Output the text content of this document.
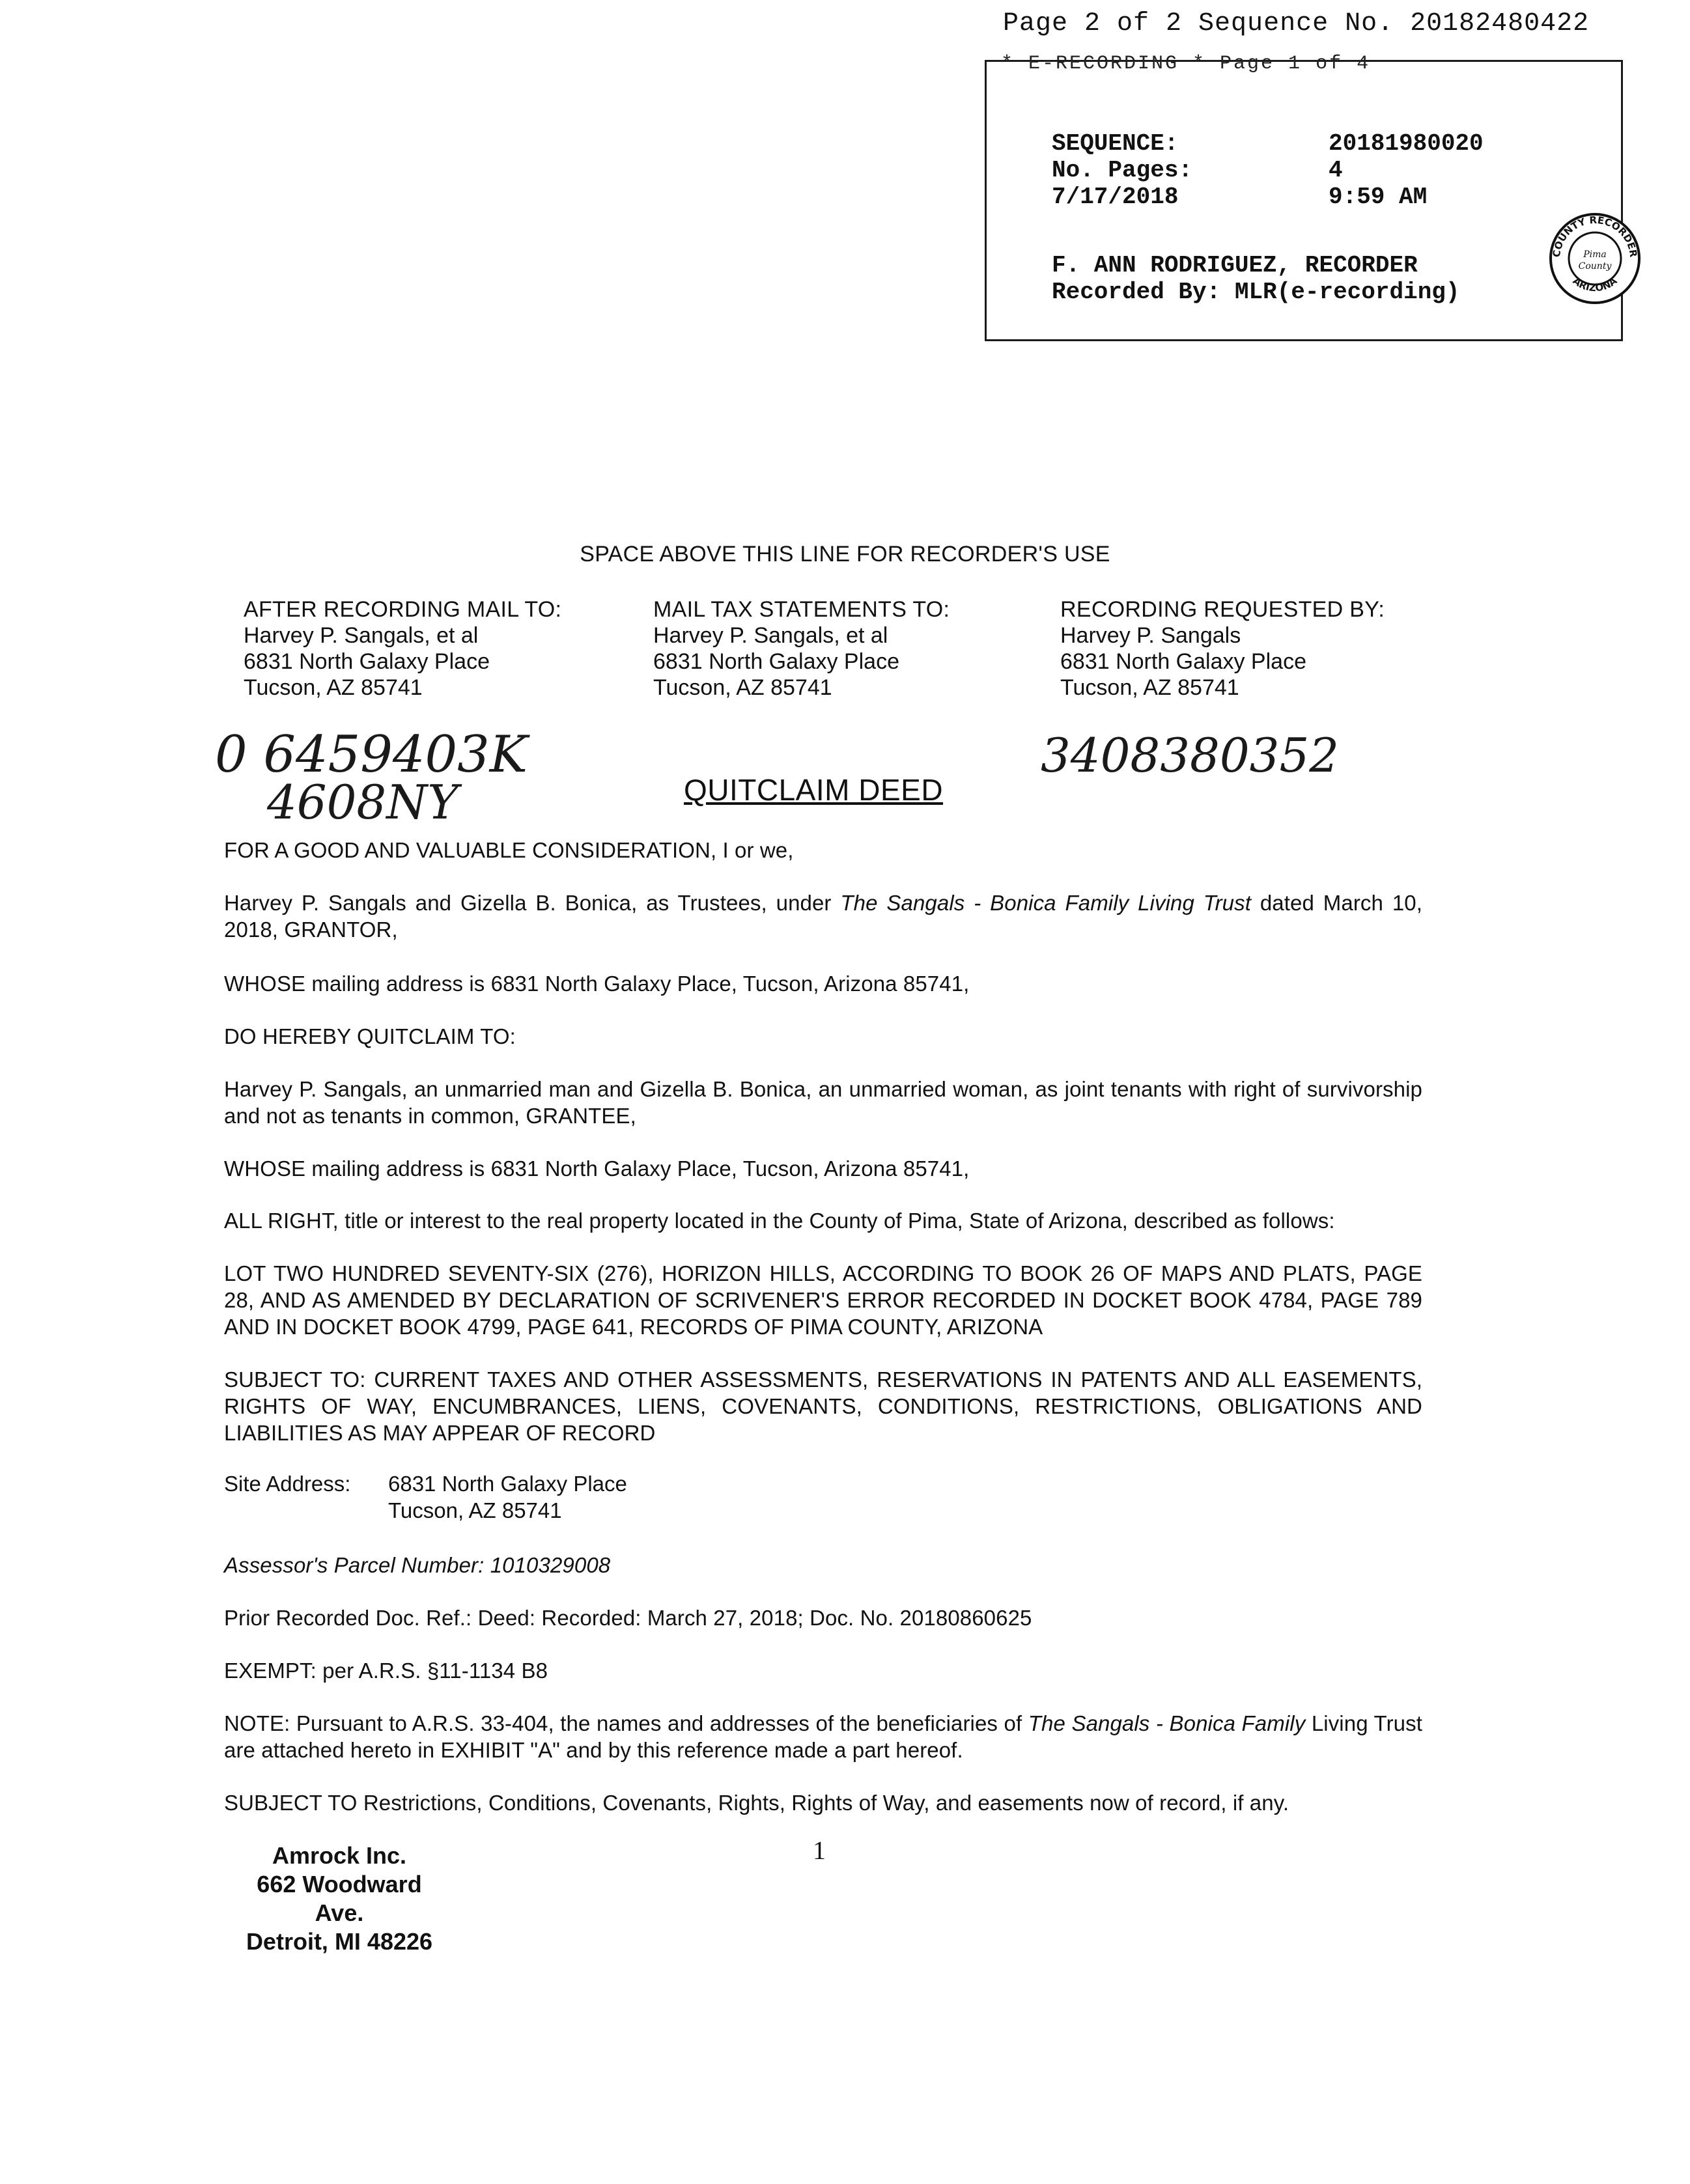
Page 2 of 2 Sequence No. 20182480422
* E-RECORDING * Page 1 of 4
SEQUENCE:	20181980020
No. Pages:	4
7/17/2018	9:59 AM
F. ANN RODRIGUEZ, RECORDER
Recorded By: MLR(e-recording)
COUNTY RECORDER
ARIZONA
Pima
County
SPACE ABOVE THIS LINE FOR RECORDER'S USE
AFTER RECORDING MAIL TO:
Harvey P. Sangals, et al
6831 North Galaxy Place
Tucson, AZ 85741
MAIL TAX STATEMENTS TO:
Harvey P. Sangals, et al
6831 North Galaxy Place
Tucson, AZ 85741
RECORDING REQUESTED BY:
Harvey P. Sangals
6831 North Galaxy Place
Tucson, AZ 85741
0 6459403K
4608NY
3408380352
QUITCLAIM DEED
FOR A GOOD AND VALUABLE CONSIDERATION, I or we,
Harvey P. Sangals and Gizella B. Bonica, as Trustees, under The Sangals - Bonica Family Living Trust dated March 10, 2018, GRANTOR,
WHOSE mailing address is 6831 North Galaxy Place, Tucson, Arizona 85741,
DO HEREBY QUITCLAIM TO:
Harvey P. Sangals, an unmarried man and Gizella B. Bonica, an unmarried woman, as joint tenants with right of survivorship and not as tenants in common, GRANTEE,
WHOSE mailing address is 6831 North Galaxy Place, Tucson, Arizona 85741,
ALL RIGHT, title or interest to the real property located in the County of Pima, State of Arizona, described as follows:
LOT TWO HUNDRED SEVENTY-SIX (276), HORIZON HILLS, ACCORDING TO BOOK 26 OF MAPS AND PLATS, PAGE 28, AND AS AMENDED BY DECLARATION OF SCRIVENER'S ERROR RECORDED IN DOCKET BOOK 4784, PAGE 789 AND IN DOCKET BOOK 4799, PAGE 641, RECORDS OF PIMA COUNTY, ARIZONA
SUBJECT TO: CURRENT TAXES AND OTHER ASSESSMENTS, RESERVATIONS IN PATENTS AND ALL EASEMENTS, RIGHTS OF WAY, ENCUMBRANCES, LIENS, COVENANTS, CONDITIONS, RESTRICTIONS, OBLIGATIONS AND LIABILITIES AS MAY APPEAR OF RECORD
Site Address: 6831 North Galaxy Place
Tucson, AZ 85741
Assessor's Parcel Number: 1010329008
Prior Recorded Doc. Ref.: Deed: Recorded: March 27, 2018; Doc. No. 20180860625
EXEMPT: per A.R.S. §11-1134 B8
NOTE: Pursuant to A.R.S. 33-404, the names and addresses of the beneficiaries of The Sangals - Bonica Family Living Trust are attached hereto in EXHIBIT "A" and by this reference made a part hereof.
SUBJECT TO Restrictions, Conditions, Covenants, Rights, Rights of Way, and easements now of record, if any.
Amrock Inc.
662 Woodward Ave.
Detroit, MI 48226
1
